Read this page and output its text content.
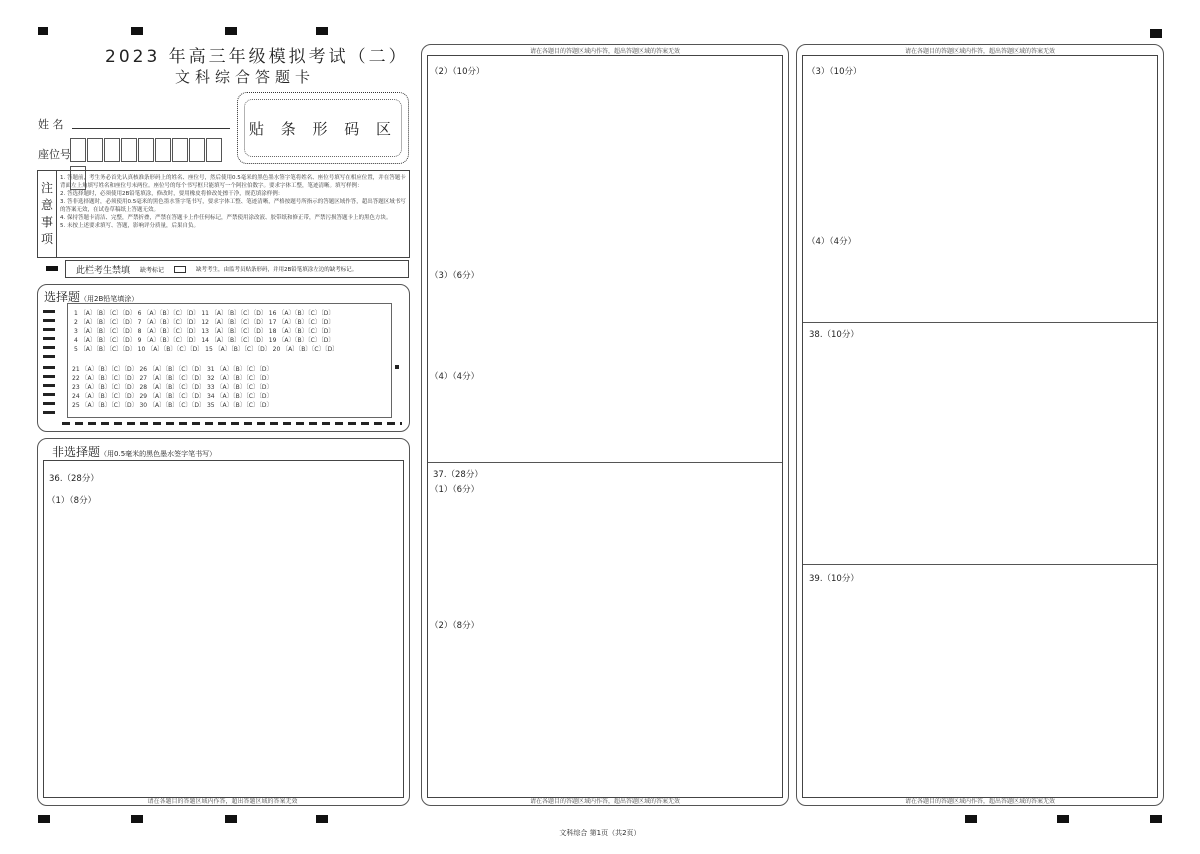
2023 年高三年级模拟考试（二）
文科综合答题卡
姓 名
座位号
贴 条 形 码 区
注
意
事
项
1. 答题前，考生务必首先认真核准条形码上的姓名、座位号，然后使用0.5毫米的黑色墨水签字笔将姓名、座位号填写在相应位置，并在答题卡背面左上角填写姓名和座位号末两位。座位号的每个书写框只能填写一个阿拉伯数字。要求字体工整，笔迹清晰。填写样例：
2. 答选择题时，必须使用2B铅笔填涂，修改时，要用橡皮将修改处擦干净，规范填涂样例：
3. 答非选择题时，必须使用0.5毫米的黑色墨水签字笔书写，要求字体工整、笔迹清晰，严格按题号所指示的答题区域作答，超出答题区域书写的答案无效，在试卷草稿纸上答题无效。
4. 保持答题卡清洁、完整，严禁折叠，严禁在答题卡上作任何标记，严禁使用涂改液、胶带纸和修正带，严禁污损答题卡上的黑色方块。
5. 未按上述要求填写、答题，影响评分质量，后果自负。
此栏考生禁填 缺考标记	缺考考生，由监考员贴条形码，并用2B铅笔填涂左边的缺考标记。
选择题（用2B铅笔填涂）
1 〔A〕〔B〕〔C〕〔D〕 6 〔A〕〔B〕〔C〕〔D〕 11 〔A〕〔B〕〔C〕〔D〕 16 〔A〕〔B〕〔C〕〔D〕
2 〔A〕〔B〕〔C〕〔D〕 7 〔A〕〔B〕〔C〕〔D〕 12 〔A〕〔B〕〔C〕〔D〕 17 〔A〕〔B〕〔C〕〔D〕
3 〔A〕〔B〕〔C〕〔D〕 8 〔A〕〔B〕〔C〕〔D〕 13 〔A〕〔B〕〔C〕〔D〕 18 〔A〕〔B〕〔C〕〔D〕
4 〔A〕〔B〕〔C〕〔D〕 9 〔A〕〔B〕〔C〕〔D〕 14 〔A〕〔B〕〔C〕〔D〕 19 〔A〕〔B〕〔C〕〔D〕
5 〔A〕〔B〕〔C〕〔D〕 10 〔A〕〔B〕〔C〕〔D〕 15 〔A〕〔B〕〔C〕〔D〕 20 〔A〕〔B〕〔C〕〔D〕
21 〔A〕〔B〕〔C〕〔D〕 26 〔A〕〔B〕〔C〕〔D〕 31 〔A〕〔B〕〔C〕〔D〕
22 〔A〕〔B〕〔C〕〔D〕 27 〔A〕〔B〕〔C〕〔D〕 32 〔A〕〔B〕〔C〕〔D〕
23 〔A〕〔B〕〔C〕〔D〕 28 〔A〕〔B〕〔C〕〔D〕 33 〔A〕〔B〕〔C〕〔D〕
24 〔A〕〔B〕〔C〕〔D〕 29 〔A〕〔B〕〔C〕〔D〕 34 〔A〕〔B〕〔C〕〔D〕
25 〔A〕〔B〕〔C〕〔D〕 30 〔A〕〔B〕〔C〕〔D〕 35 〔A〕〔B〕〔C〕〔D〕
非选择题（用0.5毫米的黑色墨水签字笔书写）
36.（28分）
（1）（8分）
请在各题目的答题区域内作答，超出答题区域的答案无效
请在各题目的答题区域内作答，超出答题区域的答案无效
（2）（10分）
（3）（6分）
（4）（4分）
37.（28分）
（1）（6分）
（2）（8分）
请在各题目的答题区域内作答，超出答题区域的答案无效
请在各题目的答题区域内作答，超出答题区域的答案无效
（3）（10分）
（4）（4分）
38.（10分）
39.（10分）
请在各题目的答题区域内作答，超出答题区域的答案无效
文科综合 第1页（共2页）
